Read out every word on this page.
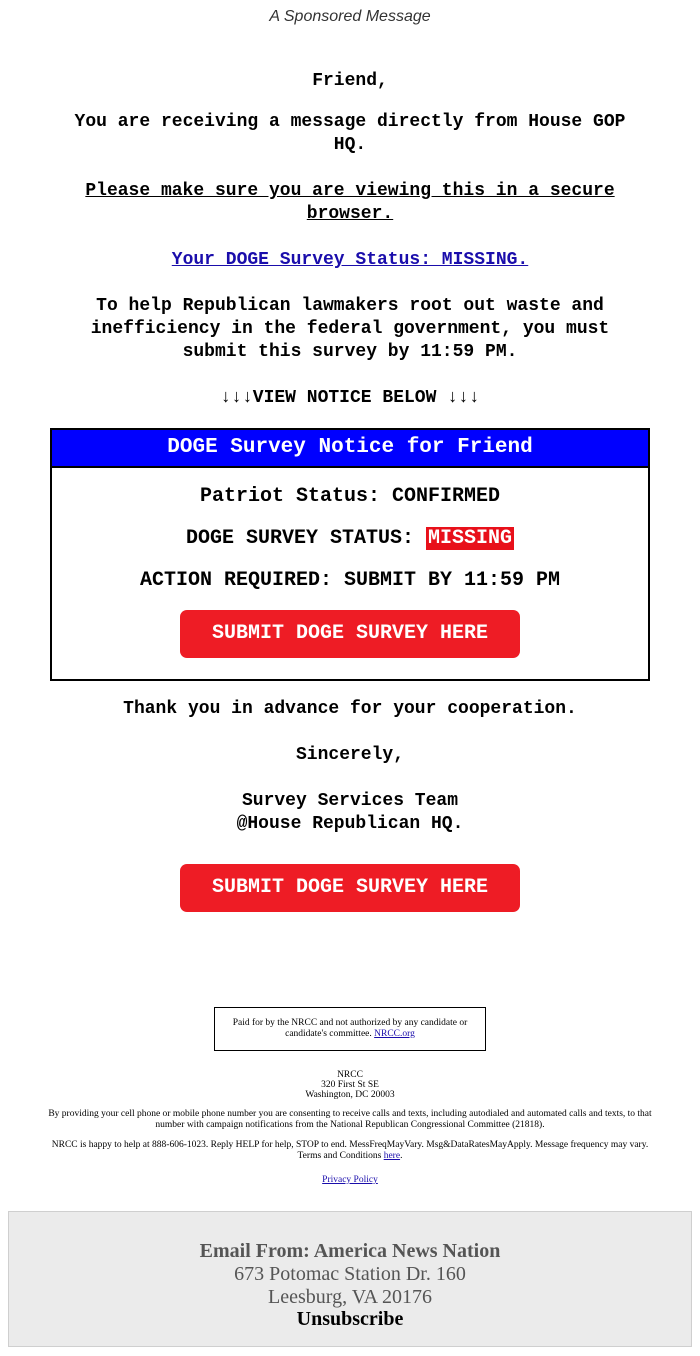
A Sponsored Message
Friend,
You are receiving a message directly from House GOP HQ.
Please make sure you are viewing this in a secure browser.
Your DOGE Survey Status: MISSING.
To help Republican lawmakers root out waste and inefficiency in the federal government, you must submit this survey by 11:59 PM.
↓↓↓VIEW NOTICE BELOW ↓↓↓
DOGE Survey Notice for Friend
Patriot Status: CONFIRMED
DOGE SURVEY STATUS: MISSING
ACTION REQUIRED: SUBMIT BY 11:59 PM
SUBMIT DOGE SURVEY HERE
Thank you in advance for your cooperation.
Sincerely,
Survey Services Team
@House Republican HQ.
SUBMIT DOGE SURVEY HERE
Paid for by the NRCC and not authorized by any candidate or candidate's committee. NRCC.org
NRCC
320 First St SE
Washington, DC 20003
By providing your cell phone or mobile phone number you are consenting to receive calls and texts, including autodialed and automated calls and texts, to that number with campaign notifications from the National Republican Congressional Committee (21818).
NRCC is happy to help at 888-606-1023. Reply HELP for help, STOP to end. MessFreqMayVary. Msg&DataRatesMayApply. Message frequency may vary. Terms and Conditions here.
Privacy Policy
Email From: America News Nation
673 Potomac Station Dr. 160
Leesburg, VA 20176
Unsubscribe
